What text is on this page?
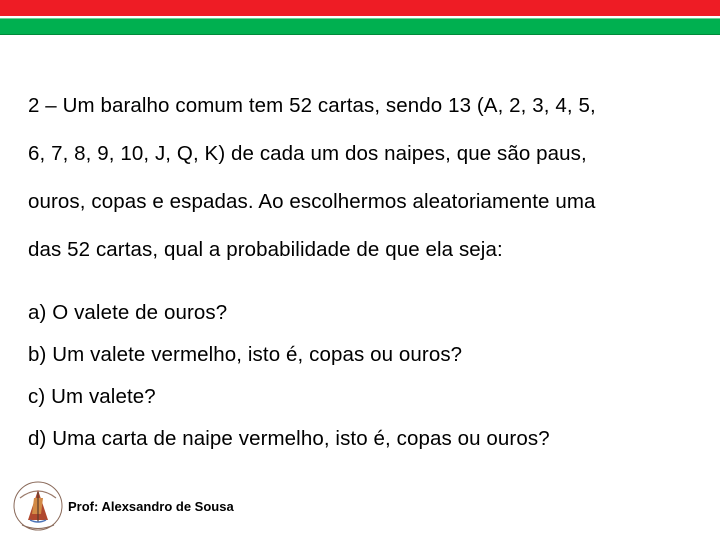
2 – Um baralho comum tem 52 cartas, sendo 13 (A, 2, 3, 4, 5,
6, 7, 8, 9, 10, J, Q, K) de cada um dos naipes, que são paus,
ouros, copas e espadas. Ao escolhermos aleatoriamente uma
das 52 cartas, qual a probabilidade de que ela seja:
a) O valete de ouros?
b) Um valete vermelho, isto é, copas ou ouros?
c) Um valete?
d) Uma carta de naipe vermelho, isto é, copas ou ouros?
Prof: Alexsandro de Sousa
